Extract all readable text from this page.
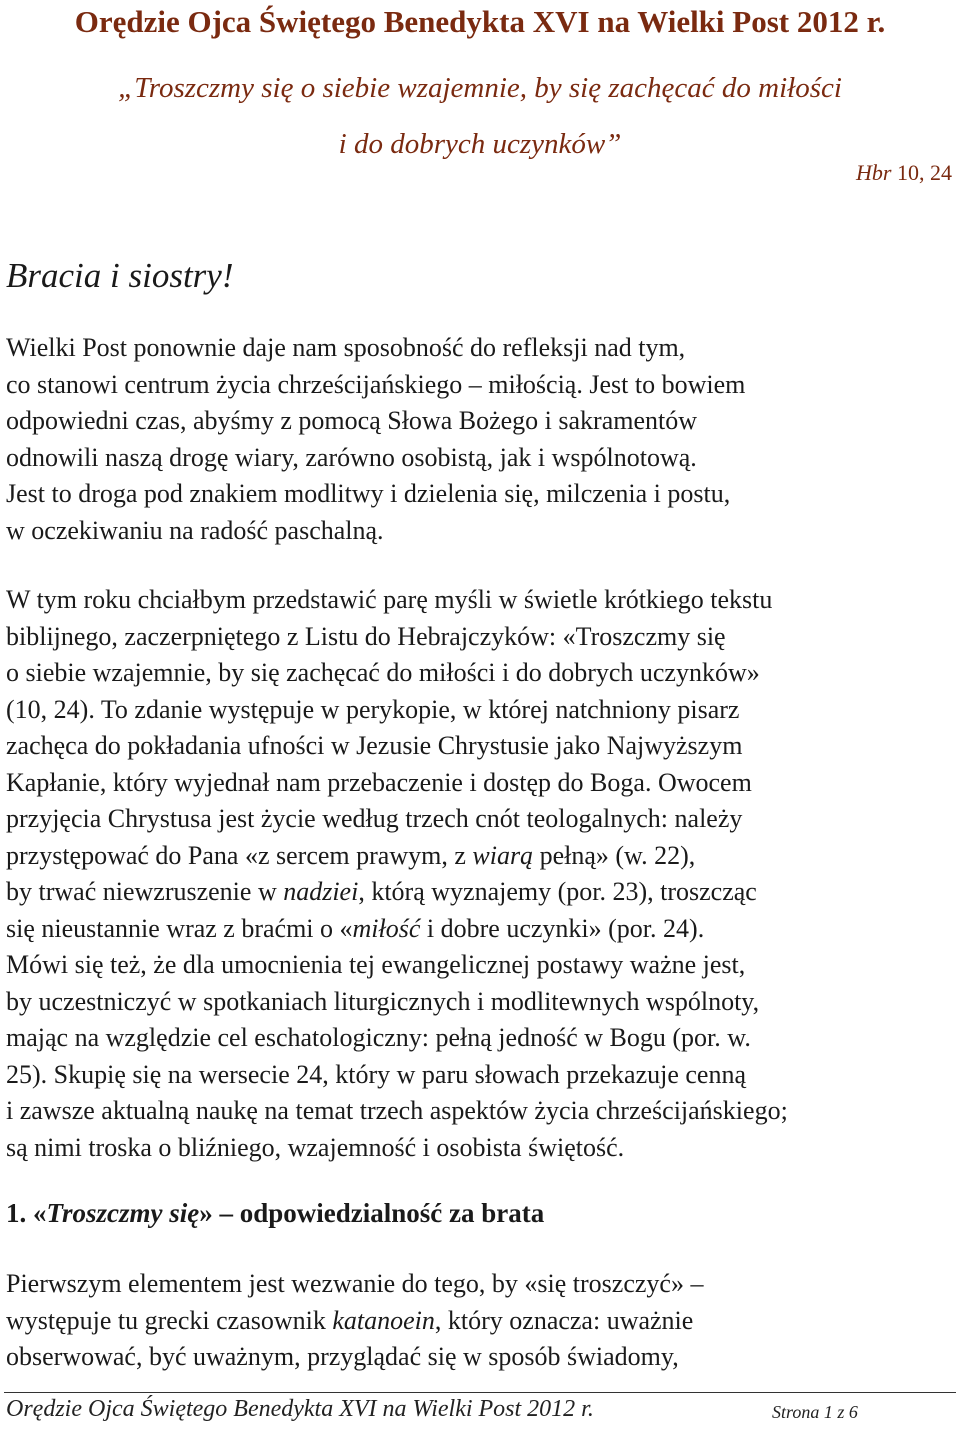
Orędzie Ojca Świętego Benedykta XVI na Wielki Post 2012 r.
„Troszczmy się o siebie wzajemnie, by się zachęcać do miłości
i do dobrych uczynków”
Hbr 10, 24
Bracia i siostry!
Wielki Post ponownie daje nam sposobność do refleksji nad tym,
co stanowi centrum życia chrześcijańskiego – miłością. Jest to bowiem
odpowiedni czas, abyśmy z pomocą Słowa Bożego i sakramentów
odnowili naszą drogę wiary, zarówno osobistą, jak i wspólnotową.
Jest to droga pod znakiem modlitwy i dzielenia się, milczenia i postu,
w oczekiwaniu na radość paschalną.
W tym roku chciałbym przedstawić parę myśli w świetle krótkiego tekstu
biblijnego, zaczerpniętego z Listu do Hebrajczyków: «Troszczmy się
o siebie wzajemnie, by się zachęcać do miłości i do dobrych uczynków»
(10, 24). To zdanie występuje w perykopie, w której natchniony pisarz
zachęca do pokładania ufności w Jezusie Chrystusie jako Najwyższym
Kapłanie, który wyjednał nam przebaczenie i dostęp do Boga. Owocem
przyjęcia Chrystusa jest życie według trzech cnót teologalnych: należy
przystępować do Pana «z sercem prawym, z wiarą pełną» (w. 22),
by trwać niewzruszenie w nadziei, którą wyznajemy (por. 23), troszcząc
się nieustannie wraz z braćmi o «miłość i dobre uczynki» (por. 24).
Mówi się też, że dla umocnienia tej ewangelicznej postawy ważne jest,
by uczestniczyć w spotkaniach liturgicznych i modlitewnych wspólnoty,
mając na względzie cel eschatologiczny: pełną jedność w Bogu (por. w.
25). Skupię się na wersecie 24, który w paru słowach przekazuje cenną
i zawsze aktualną naukę na temat trzech aspektów życia chrześcijańskiego;
są nimi troska o bliźniego, wzajemność i osobista świętość.
1. «Troszczmy się» – odpowiedzialność za brata
Pierwszym elementem jest wezwanie do tego, by «się troszczyć» –
występuje tu grecki czasownik katanoein, który oznacza: uważnie
obserwować, być uważnym, przyglądać się w sposób świadomy,
Orędzie Ojca Świętego Benedykta XVI na Wielki Post 2012 r.	Strona 1 z 6
